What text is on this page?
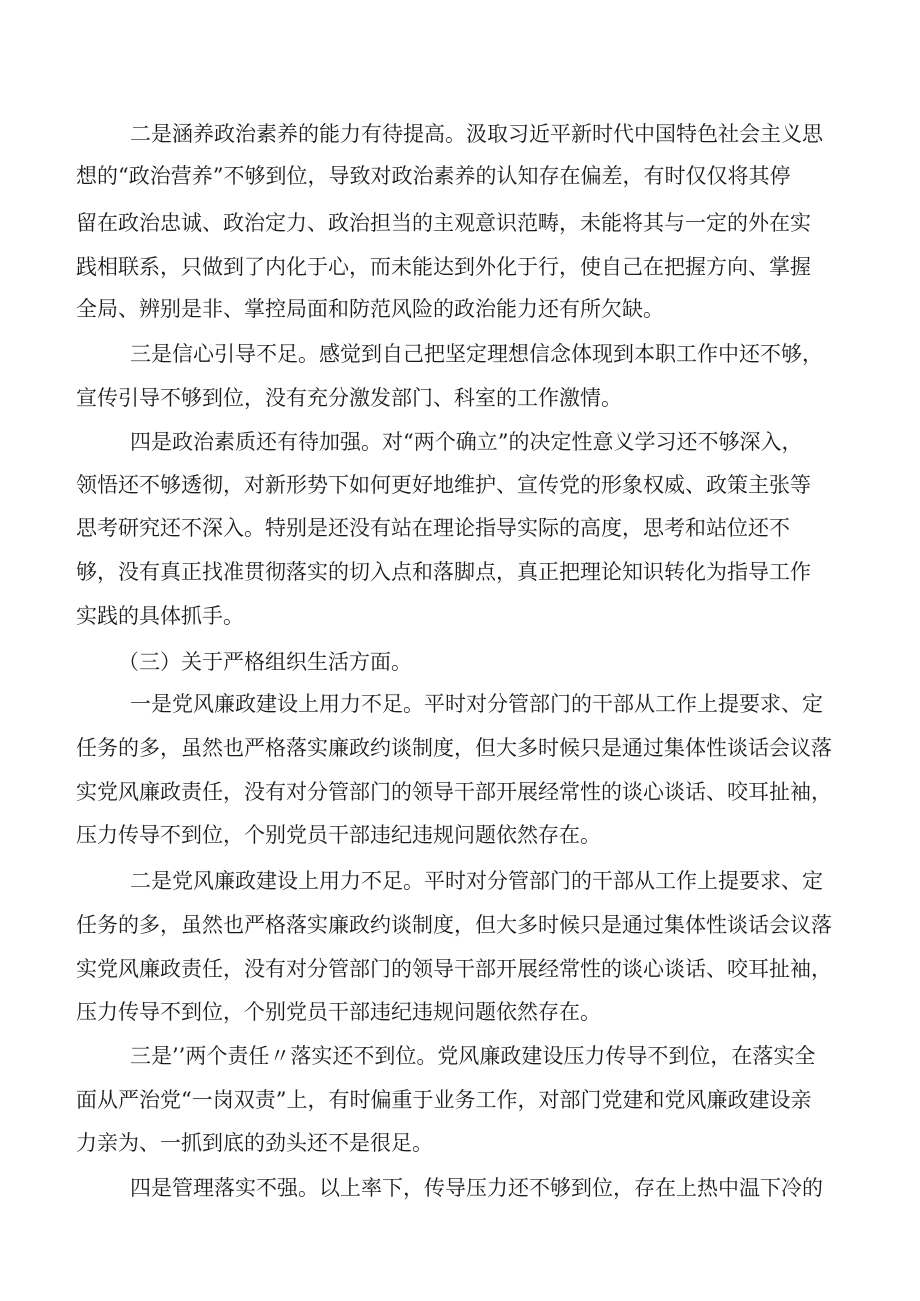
二是涵养政治素养的能力有待提高。汲取习近平新时代中国特色社会主义思
想的“政治营养”不够到位，导致对政治素养的认知存在偏差，有时仅仅将其停
留在政治忠诚、政治定力、政治担当的主观意识范畴，未能将其与一定的外在实
践相联系，只做到了内化于心，而未能达到外化于行，使自己在把握方向、掌握
全局、辨别是非、掌控局面和防范风险的政治能力还有所欠缺。
三是信心引导不足。感觉到自己把坚定理想信念体现到本职工作中还不够，
宣传引导不够到位，没有充分激发部门、科室的工作激情。
四是政治素质还有待加强。对“两个确立”的决定性意义学习还不够深入，
领悟还不够透彻，对新形势下如何更好地维护、宣传党的形象权威、政策主张等
思考研究还不深入。特别是还没有站在理论指导实际的高度，思考和站位还不
够，没有真正找准贯彻落实的切入点和落脚点，真正把理论知识转化为指导工作
实践的具体抓手。
（三）关于严格组织生活方面。
一是党风廉政建设上用力不足。平时对分管部门的干部从工作上提要求、定
任务的多，虽然也严格落实廉政约谈制度，但大多时候只是通过集体性谈话会议落
实党风廉政责任，没有对分管部门的领导干部开展经常性的谈心谈话、咬耳扯袖，
压力传导不到位，个别党员干部违纪违规问题依然存在。
二是党风廉政建设上用力不足。平时对分管部门的干部从工作上提要求、定
任务的多，虽然也严格落实廉政约谈制度，但大多时候只是通过集体性谈话会议落
实党风廉政责任，没有对分管部门的领导干部开展经常性的谈心谈话、咬耳扯袖，
压力传导不到位，个别党员干部违纪违规问题依然存在。
三是’’两个责任〃落实还不到位。党风廉政建设压力传导不到位，在落实全
面从严治党“一岗双责”上，有时偏重于业务工作，对部门党建和党风廉政建设亲
力亲为、一抓到底的劲头还不是很足。
四是管理落实不强。以上率下，传导压力还不够到位，存在上热中温下冷的
